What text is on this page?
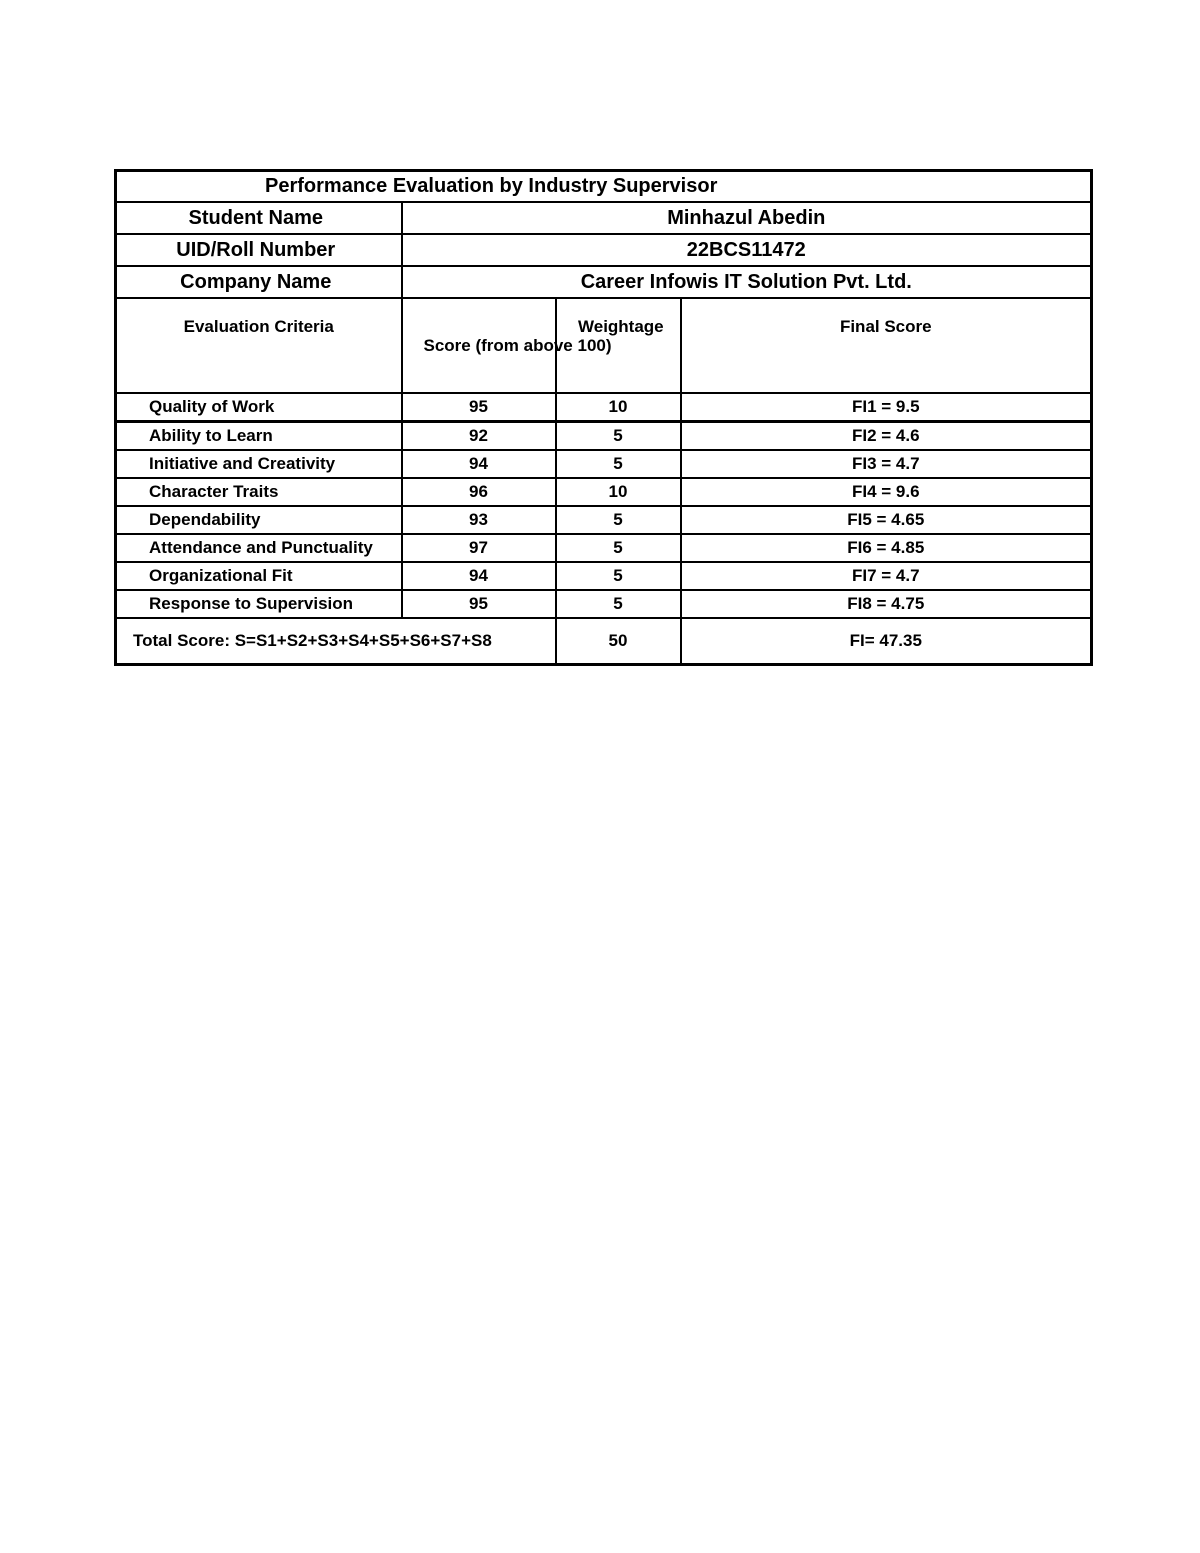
Performance Evaluation by Industry Supervisor			
Student Name	Minhazul Abedin		
UID/Roll Number	22BCS11472		
Company Name	Career Infowis IT Solution Pvt. Ltd.		
Evaluation Criteria	Score (from above 100)	Weightage	Final Score
Quality of Work	95	10	FI1 = 9.5
Ability to Learn	92	5	FI2 = 4.6
Initiative and Creativity	94	5	FI3 = 4.7
Character Traits	96	10	FI4 = 9.6
Dependability	93	5	FI5 = 4.65
Attendance and Punctuality	97	5	FI6 = 4.85
Organizational Fit	94	5	FI7 = 4.7
Response to Supervision	95	5	FI8 = 4.75
Total Score: S=S1+S2+S3+S4+S5+S6+S7+S8		50	FI= 47.35
